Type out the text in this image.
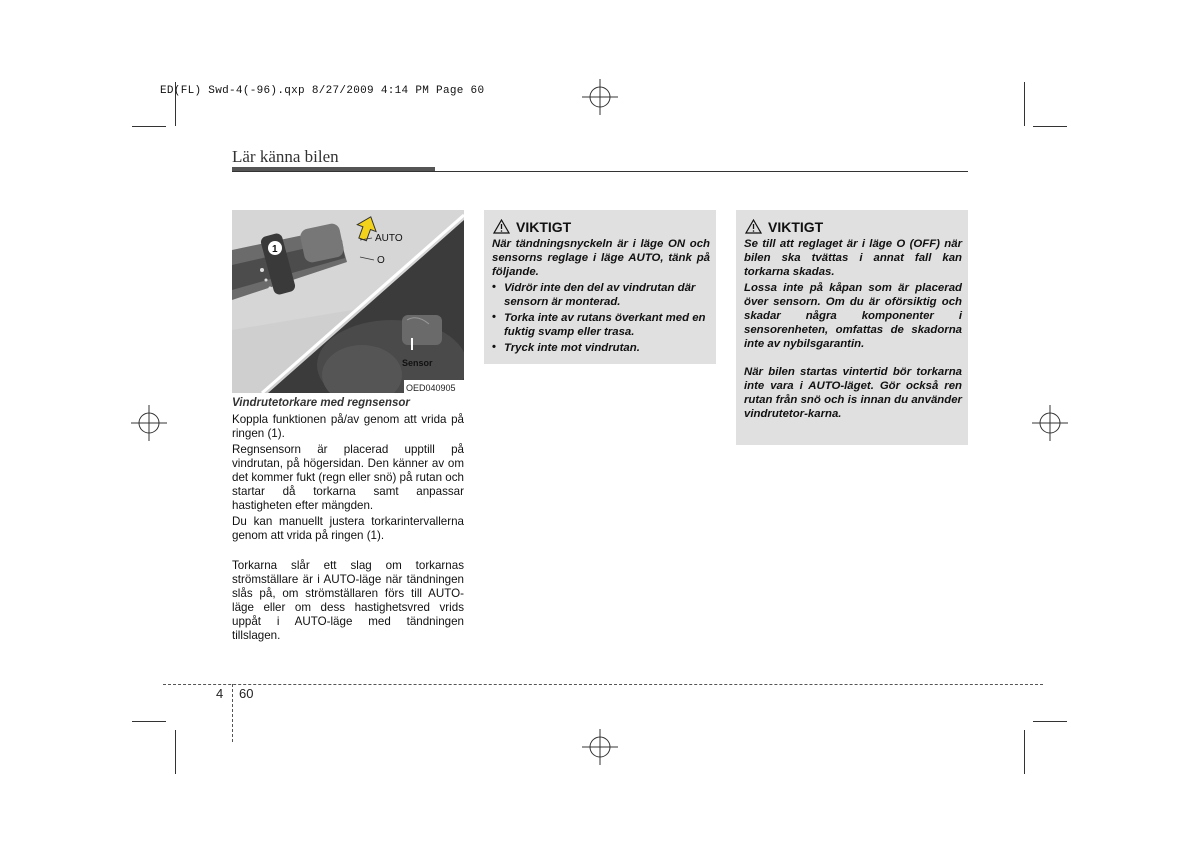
ED(FL) Swd-4(-96).qxp 8/27/2009 4:14 PM Page 60
Lär känna bilen
Sensor
AUTO
O
1
OED040905
Vindrutetorkare med regnsensor
Koppla funktionen på/av genom att vrida på ringen (1).
Regnsensorn är placerad upptill på vindrutan, på högersidan. Den känner av om det kommer fukt (regn eller snö) på rutan och startar då torkarna samt anpassar hastigheten efter mängden.
Du kan manuellt justera torkarintervallerna genom att vrida på ringen (1).
Torkarna slår ett slag om torkarnas strömställare är i AUTO-läge när tändningen slås på, om strömställaren förs till AUTO-läge eller om dess hastighetsvred vrids uppåt i AUTO-läge med tändningen tillslagen.
VIKTIGT
När tändningsnyckeln är i läge ON och sensorns reglage i läge AUTO, tänk på följande.
• Vidrör inte den del av vindrutan där sensorn är monterad.
• Torka inte av rutans överkant med en fuktig svamp eller trasa.
• Tryck inte mot vindrutan.
VIKTIGT
Se till att reglaget är i läge O (OFF) när bilen ska tvättas i annat fall kan torkarna skadas.
Lossa inte på kåpan som är placerad över sensorn. Om du är oförsiktig och skadar några komponenter i sensorenheten, omfattas de skadorna inte av nybilsgarantin.
När bilen startas vintertid bör torkarna inte vara i AUTO-läget. Gör också ren rutan från snö och is innan du använder vindrutetor-karna.
4 60
